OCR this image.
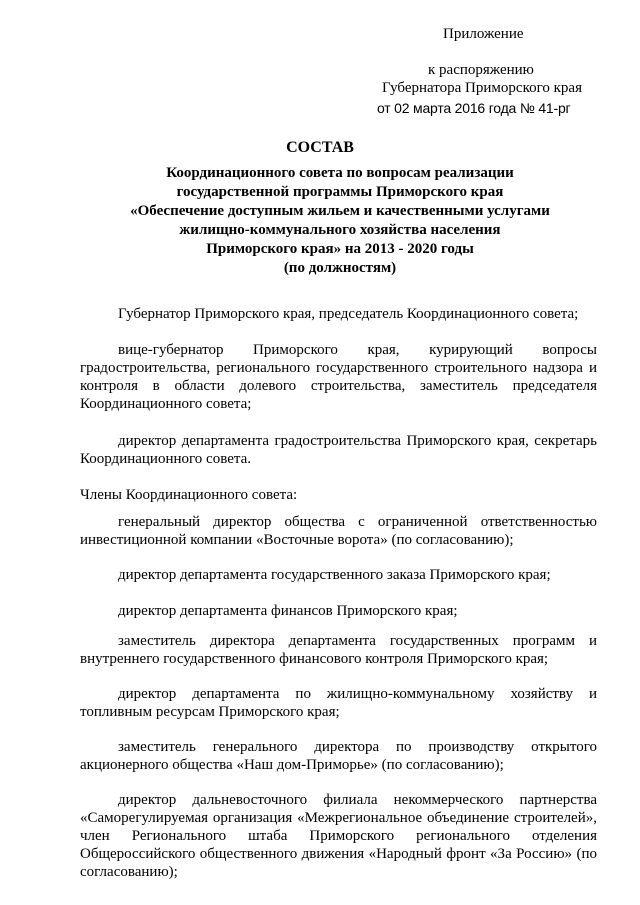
Приложение
к распоряжению
Губернатора Приморского края
от 02 марта 2016 года № 41-рг
СОСТАВ
Координационного совета по вопросам реализации
государственной программы Приморского края
«Обеспечение доступным жильем и качественными услугами
жилищно-коммунального хозяйства населения
Приморского края» на 2013 - 2020 годы
(по должностям)

Губернатор Приморского края, председатель Координационного совета;

вице-губернатор Приморского края, курирующий вопросы градостроительства, регионального государственного строительного надзора и контроля в области долевого строительства, заместитель председателя Координационного совета;

директор департамента градостроительства Приморского края, секретарь Координационного совета.

Члены Координационного совета:

генеральный директор общества с ограниченной ответственностью инвестиционной компании «Восточные ворота» (по согласованию);

директор департамента государственного заказа Приморского края;

директор департамента финансов Приморского края;

заместитель директора департамента государственных программ и внутреннего государственного финансового контроля Приморского края;

директор департамента по жилищно-коммунальному хозяйству и топливным ресурсам Приморского края;

заместитель генерального директора по производству открытого акционерного общества «Наш дом-Приморье» (по согласованию);

директор дальневосточного филиала некоммерческого партнерства «Саморегулируемая организация «Межрегиональное объединение строителей», член Регионального штаба Приморского регионального отделения Общероссийского общественного движения «Народный фронт «За Россию» (по согласованию);
